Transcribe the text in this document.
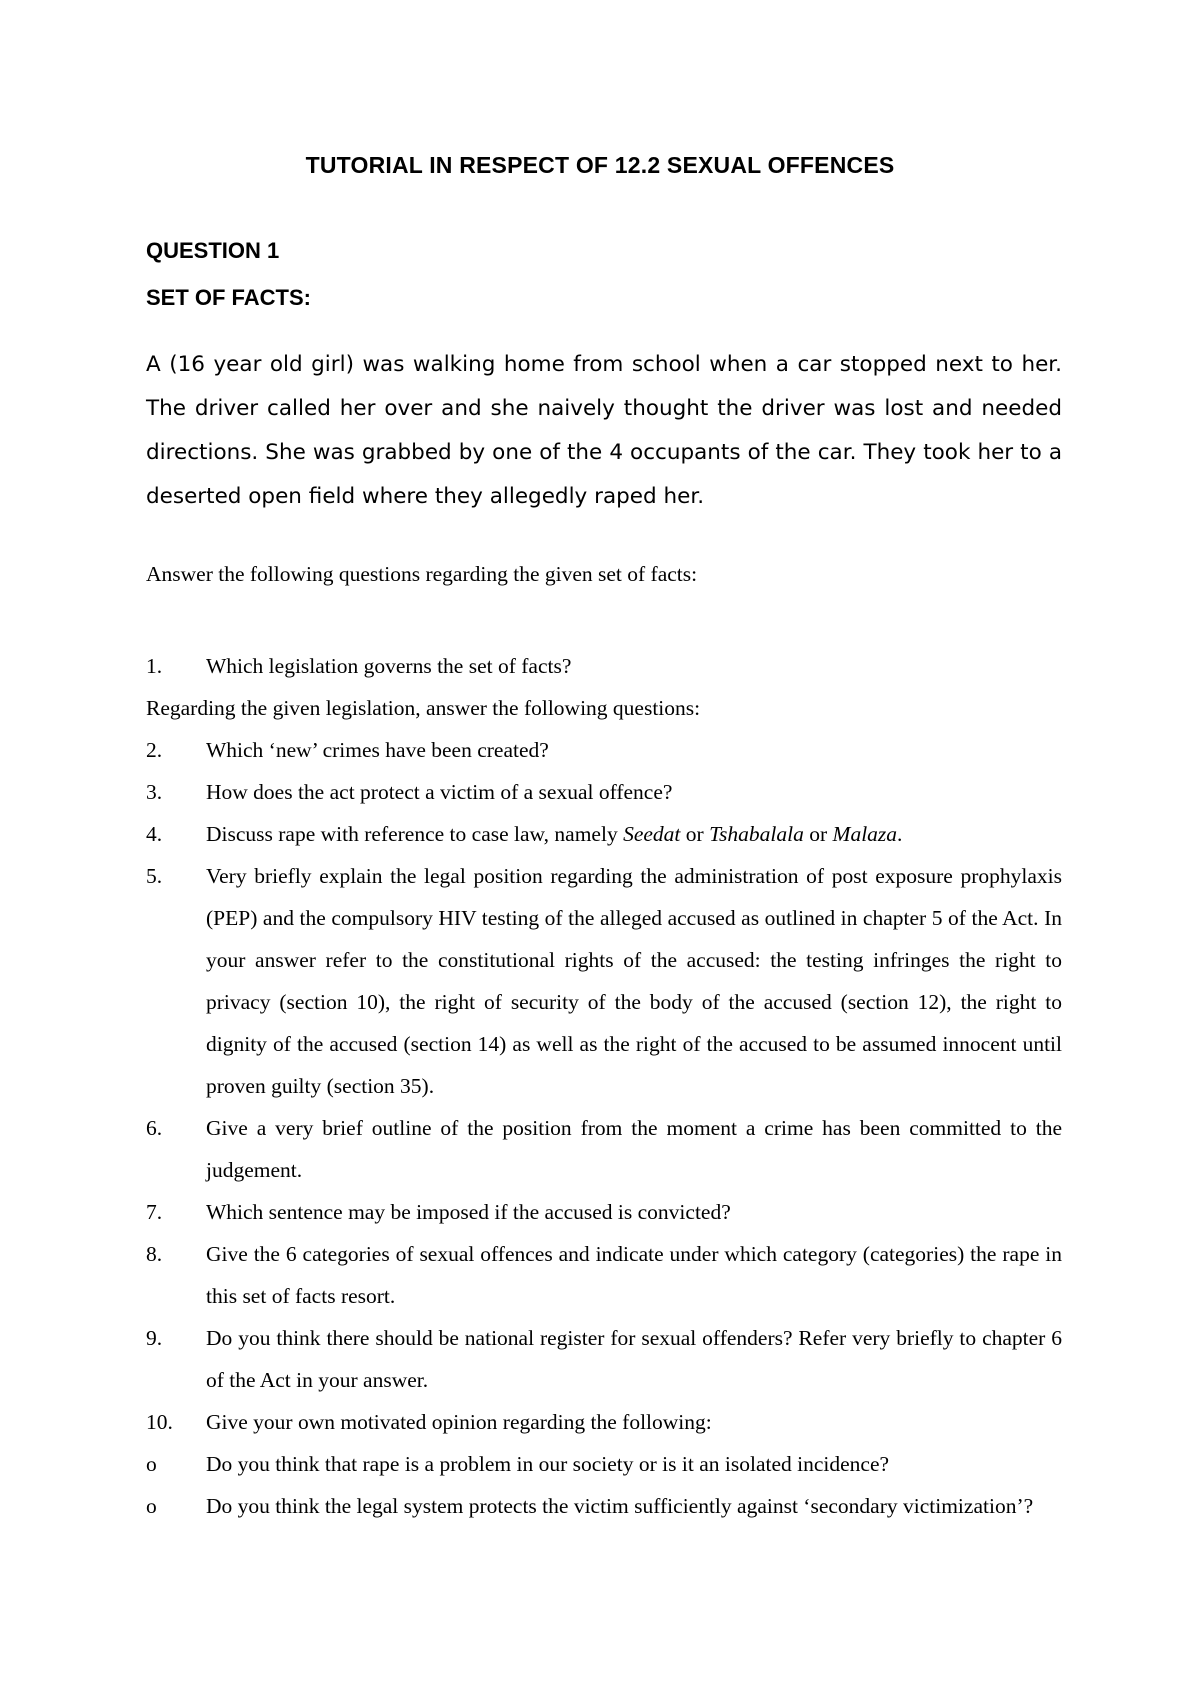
TUTORIAL IN RESPECT OF 12.2 SEXUAL OFFENCES
QUESTION 1
SET OF FACTS:

A (16 year old girl) was walking home from school when a car stopped next to her. The driver called her over and she naively thought the driver was lost and needed directions. She was grabbed by one of the 4 occupants of the car. They took her to a deserted open field where they allegedly raped her.

Answer the following questions regarding the given set of facts:

1.	Which legislation governs the set of facts?
Regarding the given legislation, answer the following questions:
2.	Which ‘new’ crimes have been created?
3.	How does the act protect a victim of a sexual offence?
4.	Discuss rape with reference to case law, namely Seedat or Tshabalala or Malaza.
5.	Very briefly explain the legal position regarding the administration of post exposure prophylaxis (PEP) and the compulsory HIV testing of the alleged accused as outlined in chapter 5 of the Act. In your answer refer to the constitutional rights of the accused: the testing infringes the right to privacy (section 10), the right of security of the body of the accused (section 12), the right to dignity of the accused (section 14) as well as the right of the accused to be assumed innocent until proven guilty (section 35).
6.	Give a very brief outline of the position from the moment a crime has been committed to the judgement.
7.	Which sentence may be imposed if the accused is convicted?
8.	Give the 6 categories of sexual offences and indicate under which category (categories) the rape in this set of facts resort.
9.	Do you think there should be national register for sexual offenders? Refer very briefly to chapter 6 of the Act in your answer.
10.	Give your own motivated opinion regarding the following:
o	Do you think that rape is a problem in our society or is it an isolated incidence?
o	Do you think the legal system protects the victim sufficiently against ‘secondary victimization’?
